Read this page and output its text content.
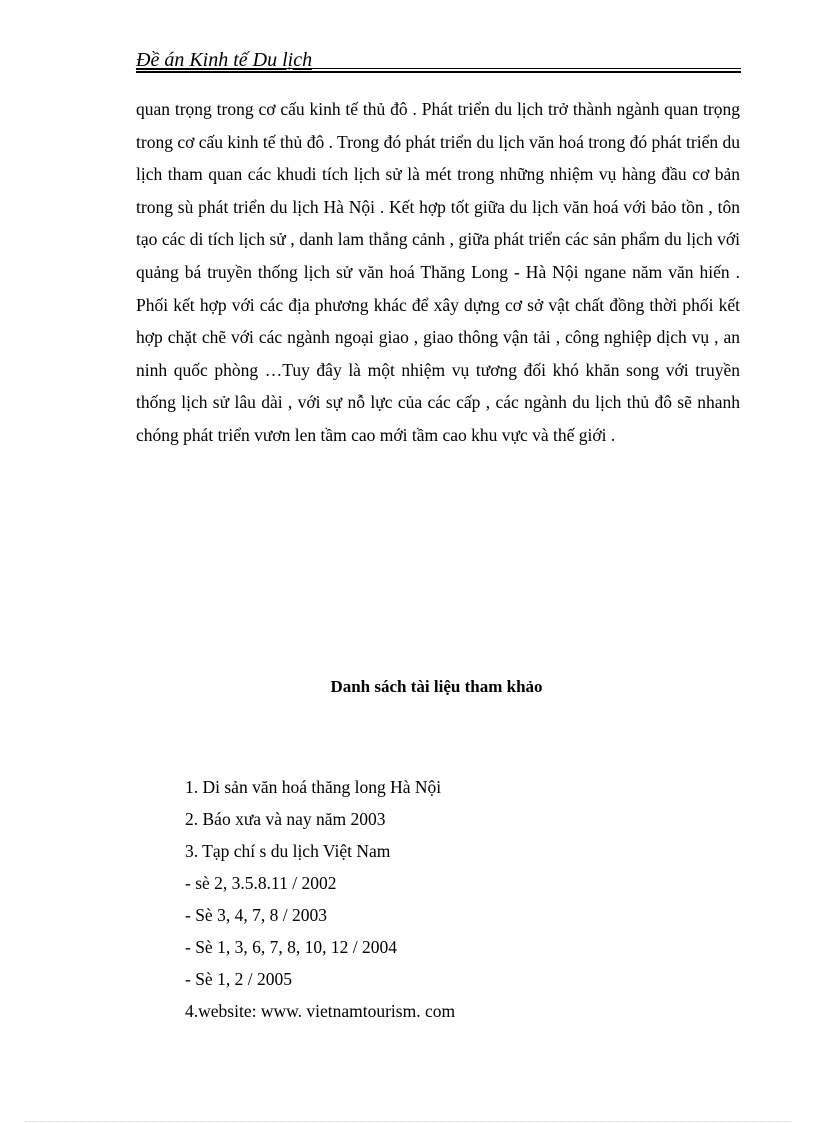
Đề án Kinh tế Du lịch
quan trọng trong cơ cấu kinh tế thủ đô . Phát triển du lịch trở thành ngành quan trọng trong cơ cấu kinh tế thủ đô . Trong đó phát triển du lịch văn hoá trong đó phát triển du lịch tham quan các khudi tích lịch sử là mét trong những nhiệm vụ hàng đầu cơ bản trong sù phát triển du lịch Hà Nội . Kết hợp tốt giữa du lịch văn hoá với bảo tồn , tôn tạo các di tích lịch sử , danh lam thắng cảnh , giữa phát triển các sản phẩm du lịch với quảng bá truyền thống lịch sử văn hoá Thăng Long - Hà Nội ngane năm văn hiến . Phối kết hợp với các địa phương khác để xây dựng cơ sở vật chất đồng thời phối kết hợp chặt chẽ với các ngành ngoại giao , giao thông vận tải , công nghiệp dịch vụ , an ninh quốc phòng …Tuy đây là một nhiệm vụ tương đối khó khăn song với truyền thống lịch sử lâu dài , với sự nỗ lực của các cấp , các ngành du lịch thủ đô sẽ nhanh chóng phát triển vươn len tầm cao mới tầm cao khu vực và thế giới .
Danh sách tài liệu tham khảo
1. Di sản văn hoá thăng long Hà Nội
2. Báo xưa và nay năm 2003
3. Tạp chí s du lịch Việt Nam
- sè 2, 3.5.8.11 / 2002
- Sè 3, 4, 7, 8 / 2003
- Sè 1, 3, 6, 7, 8, 10, 12 / 2004
- Sè 1, 2 / 2005
4.website: www. vietnamtourism. com
